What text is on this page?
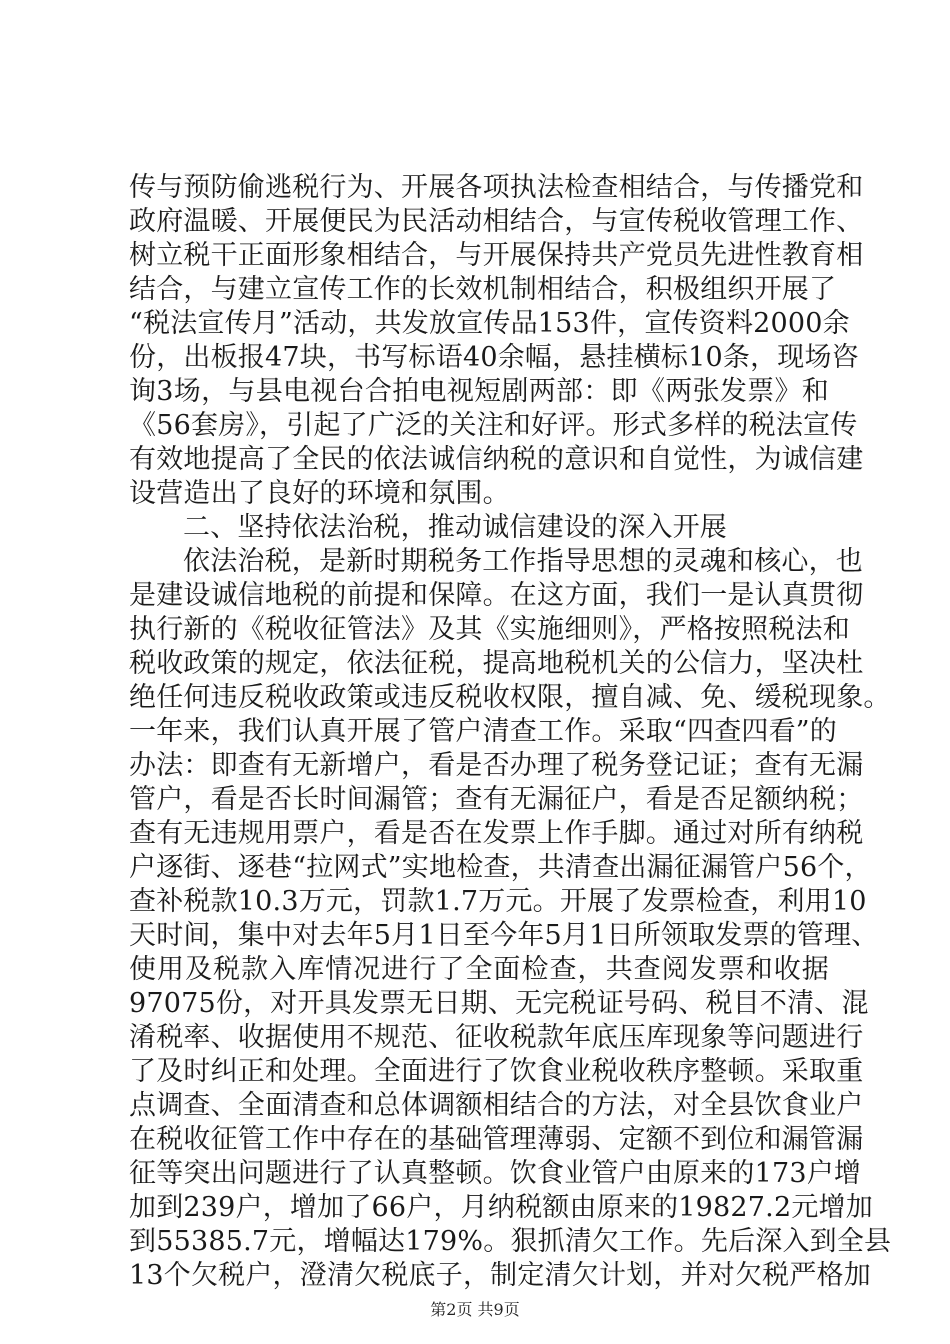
传与预防偷逃税行为、开展各项执法检查相结合，与传播党和
政府温暖、开展便民为民活动相结合，与宣传税收管理工作、
树立税干正面形象相结合，与开展保持共产党员先进性教育相
结合，与建立宣传工作的长效机制相结合，积极组织开展了
“税法宣传月”活动，共发放宣传品153件，宣传资料2000余
份，出板报47块，书写标语40余幅，悬挂横标10条，现场咨
询3场，与县电视台合拍电视短剧两部：即《两张发票》和
《56套房》，引起了广泛的关注和好评。形式多样的税法宣传
有效地提高了全民的依法诚信纳税的意识和自觉性，为诚信建
设营造出了良好的环境和氛围。
二、坚持依法治税，推动诚信建设的深入开展
依法治税，是新时期税务工作指导思想的灵魂和核心，也
是建设诚信地税的前提和保障。在这方面，我们一是认真贯彻
执行新的《税收征管法》及其《实施细则》，严格按照税法和
税收政策的规定，依法征税，提高地税机关的公信力，坚决杜
绝任何违反税收政策或违反税收权限，擅自减、免、缓税现象。
一年来，我们认真开展了管户清查工作。采取“四查四看”的
办法：即查有无新增户，看是否办理了税务登记证；查有无漏
管户，看是否长时间漏管；查有无漏征户，看是否足额纳税；
查有无违规用票户，看是否在发票上作手脚。通过对所有纳税
户逐街、逐巷“拉网式”实地检查，共清查出漏征漏管户56个，
查补税款10.3万元，罚款1.7万元。开展了发票检查，利用10
天时间，集中对去年5月1日至今年5月1日所领取发票的管理、
使用及税款入库情况进行了全面检查，共查阅发票和收据
97075份，对开具发票无日期、无完税证号码、税目不清、混
淆税率、收据使用不规范、征收税款年底压库现象等问题进行
了及时纠正和处理。全面进行了饮食业税收秩序整顿。采取重
点调查、全面清查和总体调额相结合的方法，对全县饮食业户
在税收征管工作中存在的基础管理薄弱、定额不到位和漏管漏
征等突出问题进行了认真整顿。饮食业管户由原来的173户增
加到239户，增加了66户，月纳税额由原来的19827.2元增加
到55385.7元，增幅达179%。狠抓清欠工作。先后深入到全县
13个欠税户，澄清欠税底子，制定清欠计划，并对欠税严格加
第2页 共9页
